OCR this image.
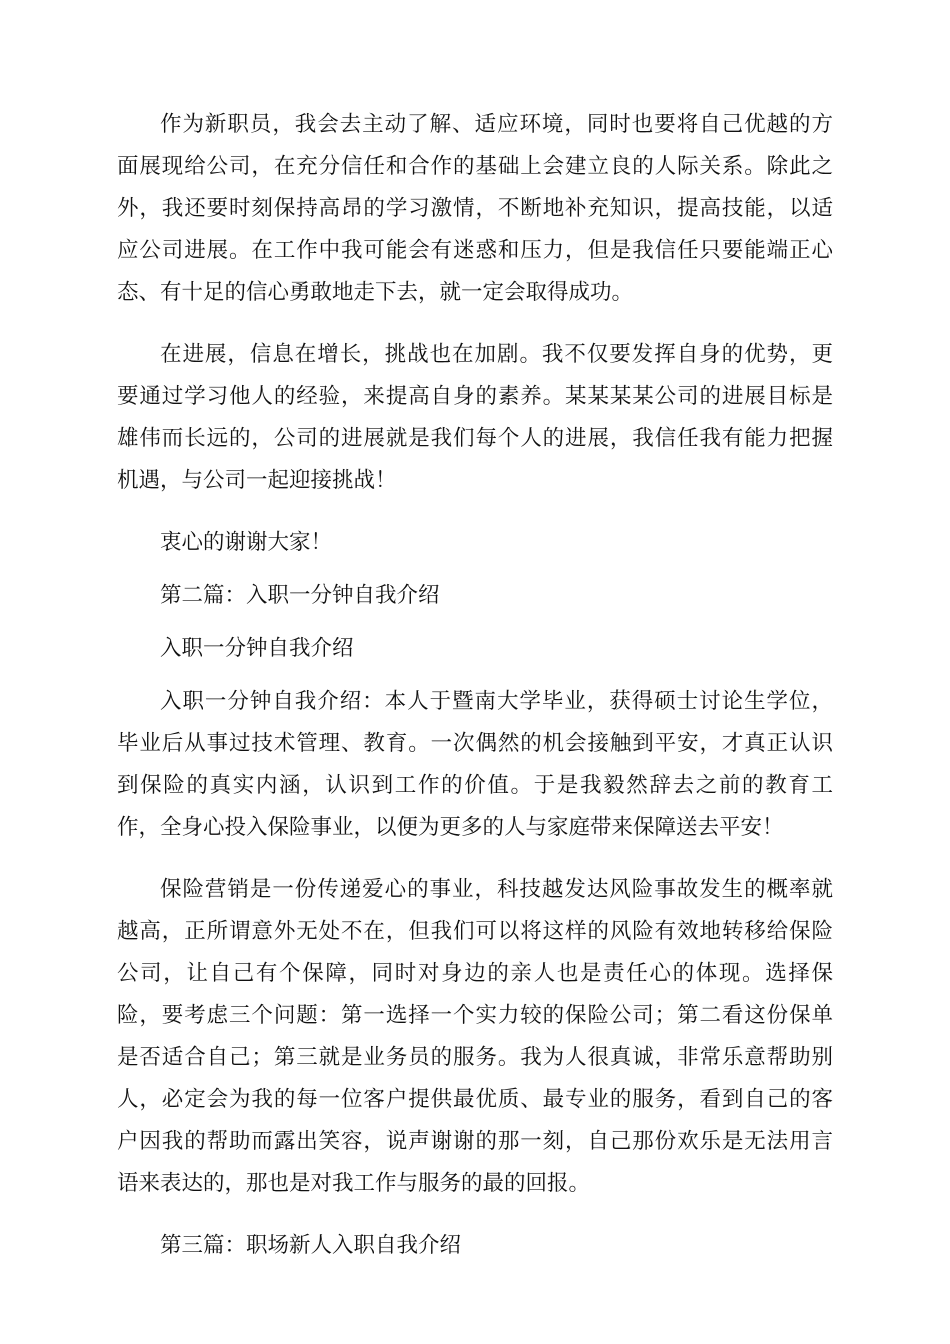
作为新职员，我会去主动了解、适应环境，同时也要将自己优越的方
面展现给公司，在充分信任和合作的基础上会建立良的人际关系。除此之
外，我还要时刻保持高昂的学习激情，不断地补充知识，提高技能，以适
应公司进展。在工作中我可能会有迷惑和压力，但是我信任只要能端正心
态、有十足的信心勇敢地走下去，就一定会取得成功。
在进展，信息在增长，挑战也在加剧。我不仅要发挥自身的优势，更
要通过学习他人的经验，来提高自身的素养。某某某某公司的进展目标是
雄伟而长远的，公司的进展就是我们每个人的进展，我信任我有能力把握
机遇，与公司一起迎接挑战！

衷心的谢谢大家！

第二篇：入职一分钟自我介绍

入职一分钟自我介绍

入职一分钟自我介绍：本人于暨南大学毕业，获得硕士讨论生学位，
毕业后从事过技术管理、教育。一次偶然的机会接触到平安，才真正认识
到保险的真实内涵，认识到工作的价值。于是我毅然辞去之前的教育工
作，全身心投入保险事业，以便为更多的人与家庭带来保障送去平安！
保险营销是一份传递爱心的事业，科技越发达风险事故发生的概率就
越高，正所谓意外无处不在，但我们可以将这样的风险有效地转移给保险
公司，让自己有个保障，同时对身边的亲人也是责任心的体现。选择保
险，要考虑三个问题：第一选择一个实力较的保险公司；第二看这份保单
是否适合自己；第三就是业务员的服务。我为人很真诚，非常乐意帮助别
人，必定会为我的每一位客户提供最优质、最专业的服务，看到自己的客
户因我的帮助而露出笑容，说声谢谢的那一刻，自己那份欢乐是无法用言
语来表达的，那也是对我工作与服务的最的回报。

第三篇：职场新人入职自我介绍
